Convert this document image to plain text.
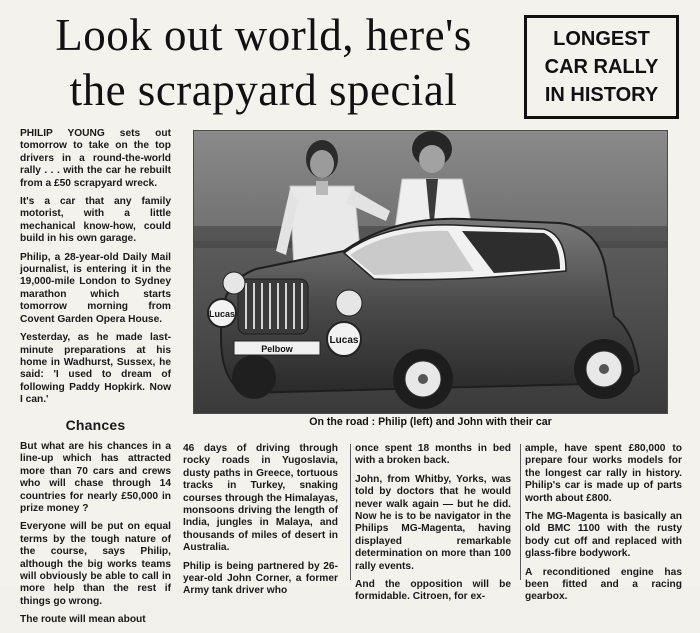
Look out world, here's
the scrapyard special
LONGEST
CAR RALLY
IN HISTORY

PHILIP YOUNG sets out tomorrow to take on the top drivers in a round-the-world rally . . . with the car he rebuilt from a £50 scrapyard wreck.

It's a car that any family motorist, with a little mechanical know-how, could build in his own garage.

Philip, a 28-year-old Daily Mail journalist, is entering it in the 19,000-mile London to Sydney marathon which starts tomorrow morning from Covent Garden Opera House.

Yesterday, as he made last-minute preparations at his home in Wadhurst, Sussex, he said: 'I used to dream of following Paddy Hopkirk. Now I can.'

Chances

But what are his chances in a line-up which has attracted more than 70 cars and crews who will chase through 14 countries for nearly £50,000 in prize money ?

Everyone will be put on equal terms by the tough nature of the course, says Philip, although the big works teams will obviously be able to call in more help than the rest if things go wrong.

The route will mean about

Lucas
Lucas
Pelbow
On the road : Philip (left) and John with their car

46 days of driving through rocky roads in Yugoslavia, dusty paths in Greece, tortuous tracks in Turkey, snaking courses through the Himalayas, monsoons driving the length of India, jungles in Malaya, and thousands of miles of desert in Australia.

Philip is being partnered by 26-year-old John Corner, a former Army tank driver who

once spent 18 months in bed with a broken back.

John, from Whitby, Yorks, was told by doctors that he would never walk again — but he did. Now he is to be navigator in the Philips MG-Magenta, having displayed remarkable determination on more than 100 rally events.

And the opposition will be formidable. Citroen, for ex-

ample, have spent £80,000 to prepare four works models for the longest car rally in history. Philip's car is made up of parts worth about £800.

The MG-Magenta is basically an old BMC 1100 with the rusty body cut off and replaced with glass-fibre bodywork.

A reconditioned engine has been fitted and a racing gearbox.
